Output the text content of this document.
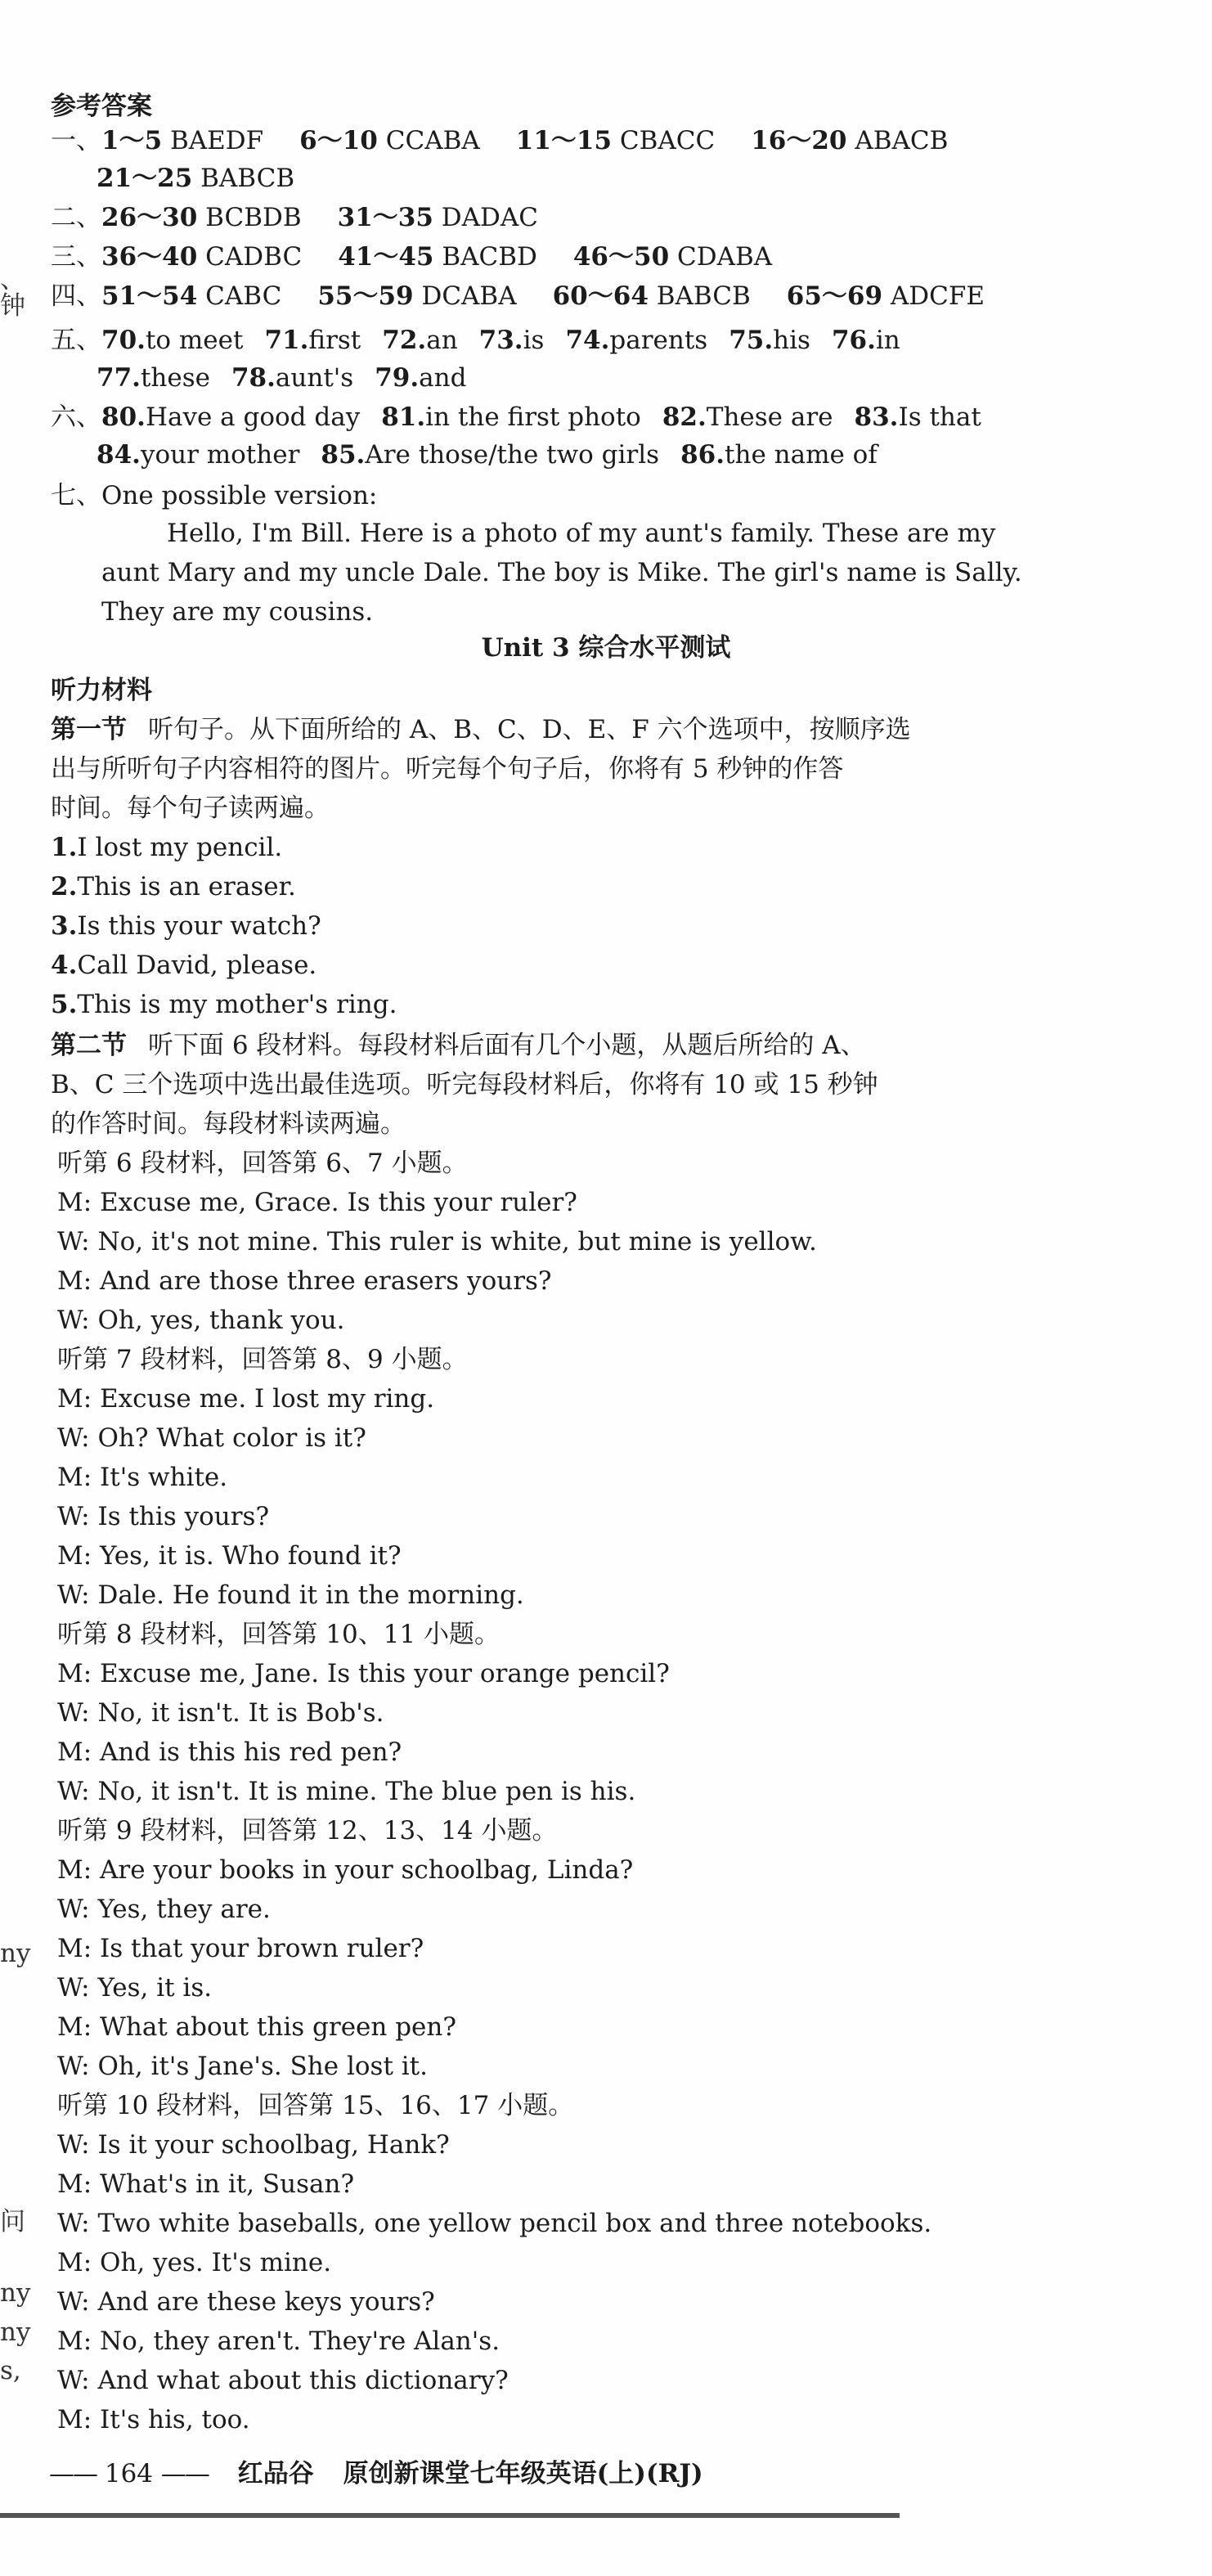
、
钟
ny
问
ny
ny
s,
参考答案
一、1～5 BAEDF 6～10 CCABA 11～15 CBACC 16～20 ABACB
21～25 BABCB
二、26～30 BCBDB 31～35 DADAC
三、36～40 CADBC 41～45 BACBD 46～50 CDABA
四、51～54 CABC 55～59 DCABA 60～64 BABCB 65～69 ADCFE
五、70.to meet 71.first 72.an 73.is 74.parents 75.his 76.in
77.these 78.aunt's 79.and
六、80.Have a good day 81.in the first photo 82.These are 83.Is that
84.your mother 85.Are those/the two girls 86.the name of
七、One possible version:
Hello, I'm Bill. Here is a photo of my aunt's family. These are my
aunt Mary and my uncle Dale. The boy is Mike. The girl's name is Sally.
They are my cousins.
Unit 3 综合水平测试
听力材料
第一节 听句子。从下面所给的 A、B、C、D、E、F 六个选项中，按顺序选
出与所听句子内容相符的图片。听完每个句子后，你将有 5 秒钟的作答
时间。每个句子读两遍。
1.I lost my pencil.
2.This is an eraser.
3.Is this your watch?
4.Call David, please.
5.This is my mother's ring.
第二节 听下面 6 段材料。每段材料后面有几个小题，从题后所给的 A、
B、C 三个选项中选出最佳选项。听完每段材料后，你将有 10 或 15 秒钟
的作答时间。每段材料读两遍。
听第 6 段材料，回答第 6、7 小题。
M: Excuse me, Grace. Is this your ruler?
W: No, it's not mine. This ruler is white, but mine is yellow.
M: And are those three erasers yours?
W: Oh, yes, thank you.
听第 7 段材料，回答第 8、9 小题。
M: Excuse me. I lost my ring.
W: Oh? What color is it?
M: It's white.
W: Is this yours?
M: Yes, it is. Who found it?
W: Dale. He found it in the morning.
听第 8 段材料，回答第 10、11 小题。
M: Excuse me, Jane. Is this your orange pencil?
W: No, it isn't. It is Bob's.
M: And is this his red pen?
W: No, it isn't. It is mine. The blue pen is his.
听第 9 段材料，回答第 12、13、14 小题。
M: Are your books in your schoolbag, Linda?
W: Yes, they are.
M: Is that your brown ruler?
W: Yes, it is.
M: What about this green pen?
W: Oh, it's Jane's. She lost it.
听第 10 段材料，回答第 15、16、17 小题。
W: Is it your schoolbag, Hank?
M: What's in it, Susan?
W: Two white baseballs, one yellow pencil box and three notebooks.
M: Oh, yes. It's mine.
W: And are these keys yours?
M: No, they aren't. They're Alan's.
W: And what about this dictionary?
M: It's his, too.
—— 164 —— 红品谷 原创新课堂七年级英语(上)(RJ)
